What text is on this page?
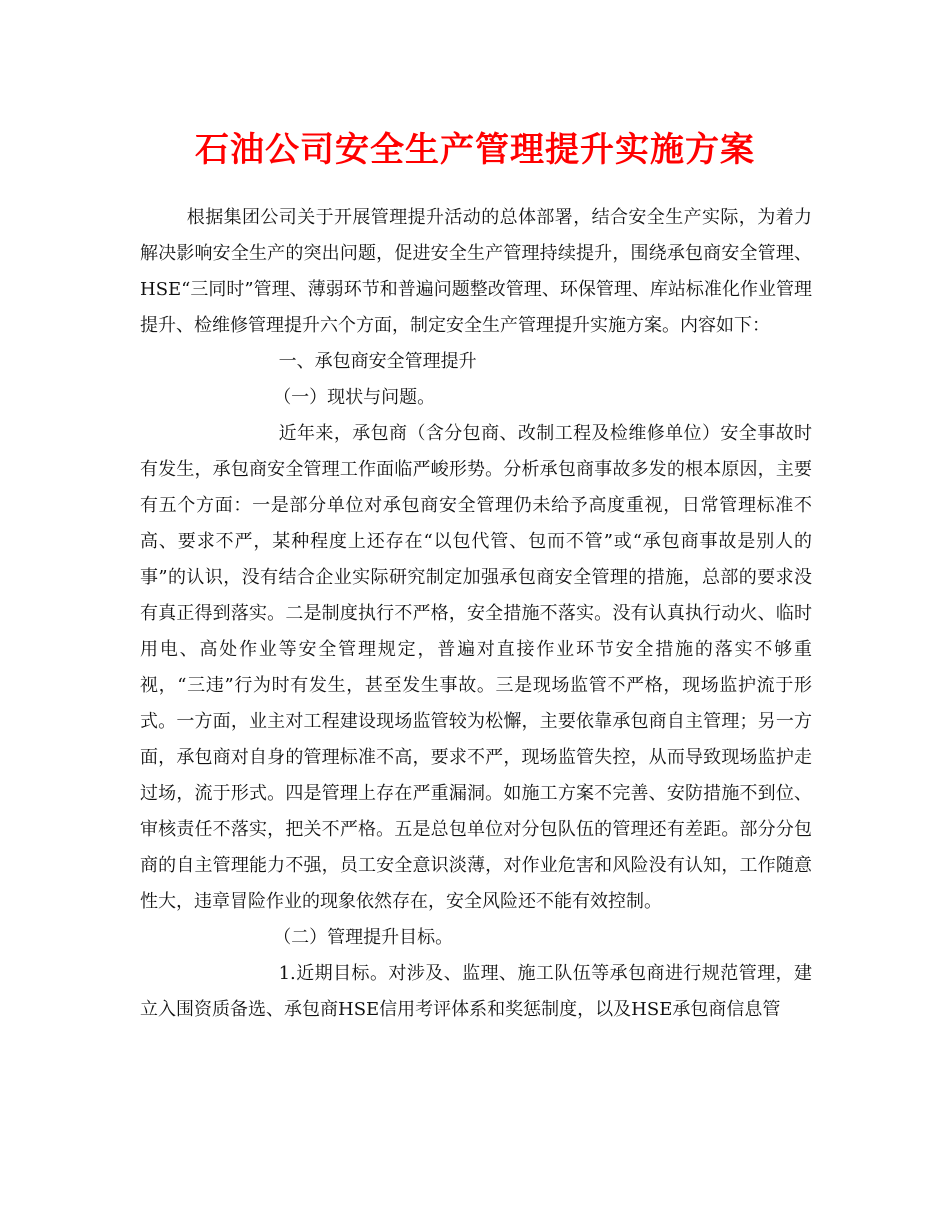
石油公司安全生产管理提升实施方案

根据集团公司关于开展管理提升活动的总体部署，结合安全生产实际，为着力解决影响安全生产的突出问题，促进安全生产管理持续提升，围绕承包商安全管理、HSE“三同时”管理、薄弱环节和普遍问题整改管理、环保管理、库站标准化作业管理提升、检维修管理提升六个方面，制定安全生产管理提升实施方案。内容如下：

一、承包商安全管理提升

（一）现状与问题。

近年来，承包商（含分包商、改制工程及检维修单位）安全事故时有发生，承包商安全管理工作面临严峻形势。分析承包商事故多发的根本原因，主要有五个方面：一是部分单位对承包商安全管理仍未给予高度重视，日常管理标准不高、要求不严，某种程度上还存在“以包代管、包而不管”或“承包商事故是别人的事”的认识，没有结合企业实际研究制定加强承包商安全管理的措施，总部的要求没有真正得到落实。二是制度执行不严格，安全措施不落实。没有认真执行动火、临时用电、高处作业等安全管理规定，普遍对直接作业环节安全措施的落实不够重视，“三违”行为时有发生，甚至发生事故。三是现场监管不严格，现场监护流于形式。一方面，业主对工程建设现场监管较为松懈，主要依靠承包商自主管理；另一方面，承包商对自身的管理标准不高，要求不严，现场监管失控，从而导致现场监护走过场，流于形式。四是管理上存在严重漏洞。如施工方案不完善、安防措施不到位、审核责任不落实，把关不严格。五是总包单位对分包队伍的管理还有差距。部分分包商的自主管理能力不强，员工安全意识淡薄，对作业危害和风险没有认知，工作随意性大，违章冒险作业的现象依然存在，安全风险还不能有效控制。

（二）管理提升目标。

1.近期目标。对涉及、监理、施工队伍等承包商进行规范管理，建立入围资质备选、承包商HSE信用考评体系和奖惩制度，以及HSE承包商信息管
